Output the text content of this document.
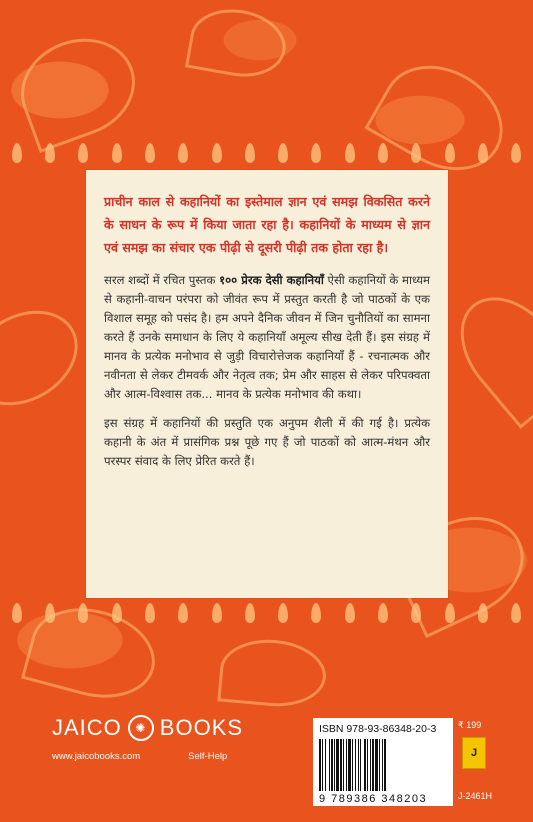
प्राचीन काल से कहानियों का इस्तेमाल ज्ञान एवं समझ विकसित करने के साधन के रूप में किया जाता रहा है। कहानियों के माध्यम से ज्ञान एवं समझ का संचार एक पीढ़ी से दूसरी पीढ़ी तक होता रहा है।

सरल शब्दों में रचित पुस्तक १०० प्रेरक देसी कहानियाँ ऐसी कहानियों के माध्यम से कहानी-वाचन परंपरा को जीवंत रूप में प्रस्तुत करती है जो पाठकों के एक विशाल समूह को पसंद है। हम अपने दैनिक जीवन में जिन चुनौतियों का सामना करते हैं उनके समाधान के लिए ये कहानियाँ अमूल्य सीख देती हैं। इस संग्रह में मानव के प्रत्येक मनोभाव से जुड़ी विचारोत्तेजक कहानियाँ हैं - रचनात्मक और नवीनता से लेकर टीमवर्क और नेतृत्व तक; प्रेम और साहस से लेकर परिपक्वता और आत्म-विश्वास तक... मानव के प्रत्येक मनोभाव की कथा।

इस संग्रह में कहानियों की प्रस्तुति एक अनुपम शैली में की गई है। प्रत्येक कहानी के अंत में प्रासंगिक प्रश्न पूछे गए हैं जो पाठकों को आत्म-मंथन और परस्पर संवाद के लिए प्रेरित करते हैं।

JAICO	✺ BOOKS
www.jaicobooks.com	Self-Help
ISBN 978-93-86348-20-3
9 789386 348203
₹ 199
J
J-2461H
